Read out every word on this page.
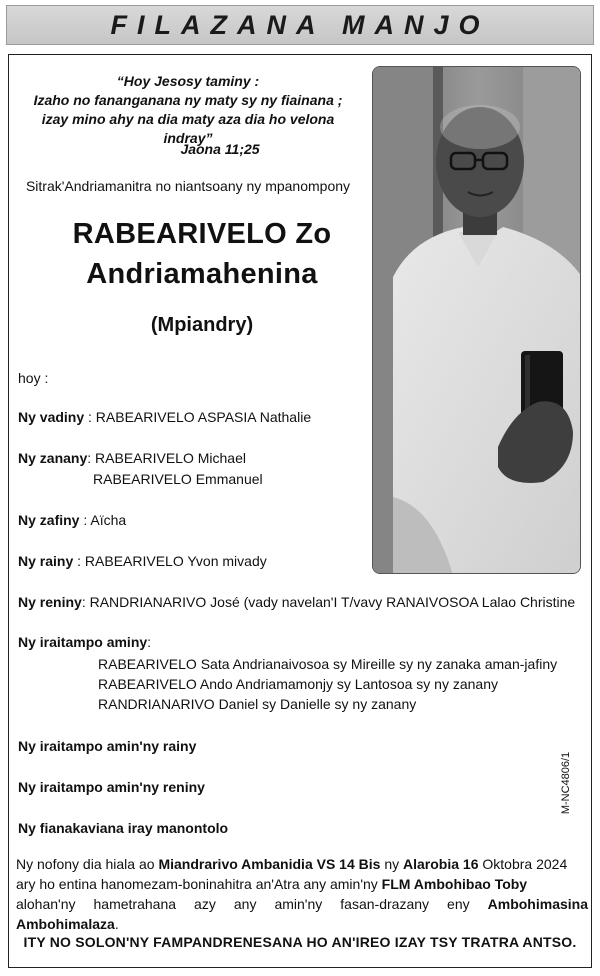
FILAZANA MANJO
“Hoy Jesosy taminy :
Izaho no fananganana ny maty sy ny fiainana ;
izay mino ahy na dia maty aza dia ho velona indray”
Jaona 11;25
Sitrak'Andriamanitra no niantsoany ny mpanompony
RABEARIVELO Zo
Andriamahenina
(Mpiandry)
hoy :
Ny vadiny : RABEARIVELO ASPASIA Nathalie
Ny zanany: RABEARIVELO Michael
RABEARIVELO Emmanuel
Ny zafiny : Aïcha
Ny rainy : RABEARIVELO Yvon mivady
Ny reniny: RANDRIANARIVO José (vady navelan'I T/vavy RANAIVOSOA Lalao Christine
Ny iraitampo aminy:
RABEARIVELO Sata Andrianaivosoa sy Mireille sy ny zanaka aman-jafiny
RABEARIVELO Ando Andriamamonjy sy Lantosoa sy ny zanany
RANDRIANARIVO Daniel sy Danielle sy ny zanany
Ny iraitampo amin'ny rainy
Ny iraitampo amin'ny reniny
Ny fianakaviana iray manontolo
Ny nofony dia hiala ao Miandrarivo Ambanidia VS 14 Bis ny Alarobia 16 Oktobra 2024
ary ho entina hanomezam-boninahitra an'Atra any amin'ny FLM Ambohibao Toby
alohan'ny hametrahana azy any amin'ny fasan-drazany eny Ambohimasina Ambohimalaza.
ITY NO SOLON'NY FAMPANDRENESANA HO AN'IREO IZAY TSY TRATRA ANTSO.
M-NC4806/1
